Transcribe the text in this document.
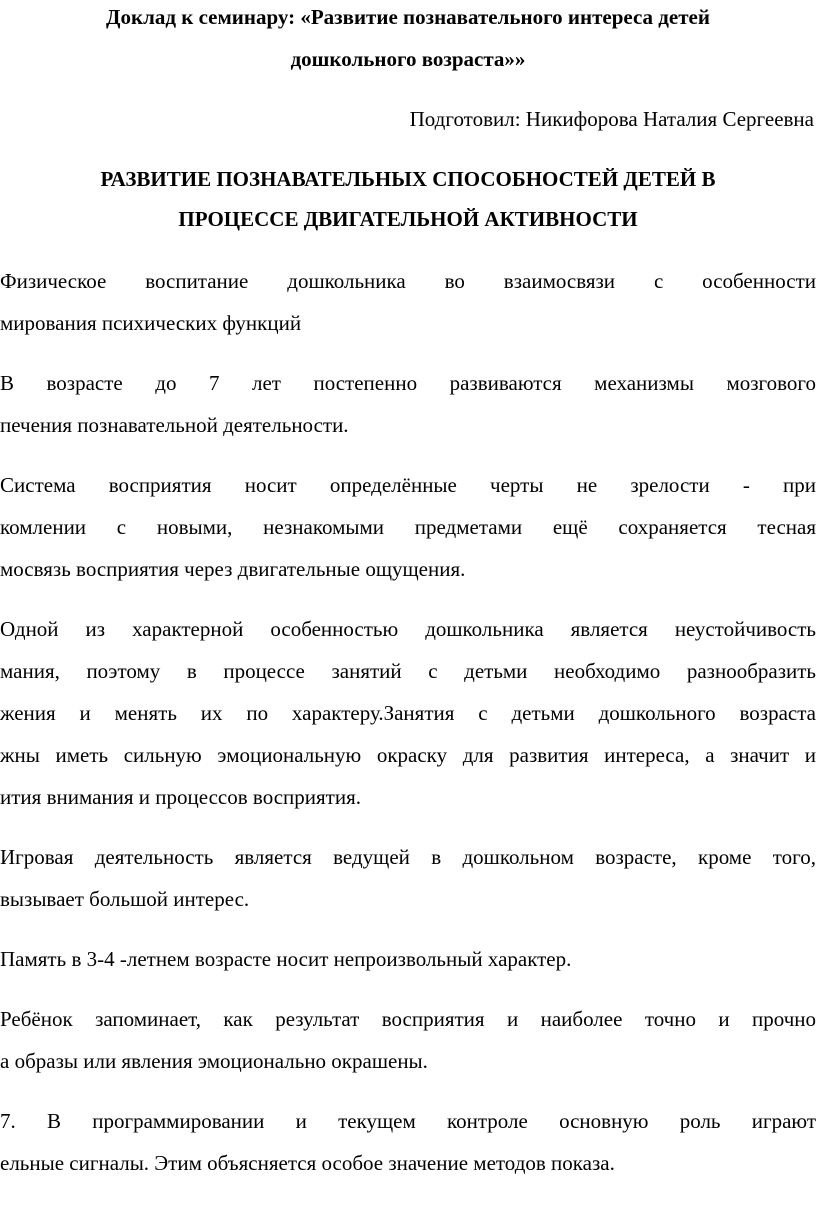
Доклад к семинару: «Развитие познавательного интереса детей
дошкольного возраста»»
Подготовил: Никифорова Наталия Сергеевна
РАЗВИТИЕ ПОЗНАВАТЕЛЬНЫХ СПОСОБНОСТЕЙ ДЕТЕЙ В
ПРОЦЕССЕ ДВИГАТЕЛЬНОЙ АКТИВНОСТИ
Физическое воспитание дошкольника во взаимосвязи с особенности
мирования психических функций
В возрасте до 7 лет постепенно развиваются механизмы мозгового
печения познавательной деятельности.
Система восприятия носит определённые черты не зрелости - при
комлении с новыми, незнакомыми предметами ещё сохраняется тесная
мосвязь восприятия через двигательные ощущения.
Одной из характерной особенностью дошкольника является неустойчивость
мания, поэтому в процессе занятий с детьми необходимо разнообразить
жения и менять их по характеру.Занятия с детьми дошкольного возраста
жны иметь сильную эмоциональную окраску для развития интереса, а значит и
ития внимания и процессов восприятия.
Игровая деятельность является ведущей в дошкольном возрасте, кроме того,
вызывает большой интерес.
Память в 3-4 -летнем возрасте носит непроизвольный характер.
Ребёнок запоминает, как результат восприятия и наиболее точно и прочно
а образы или явления эмоционально окрашены.
7. В программировании и текущем контроле основную роль играют
ельные сигналы. Этим объясняется особое значение методов показа.
